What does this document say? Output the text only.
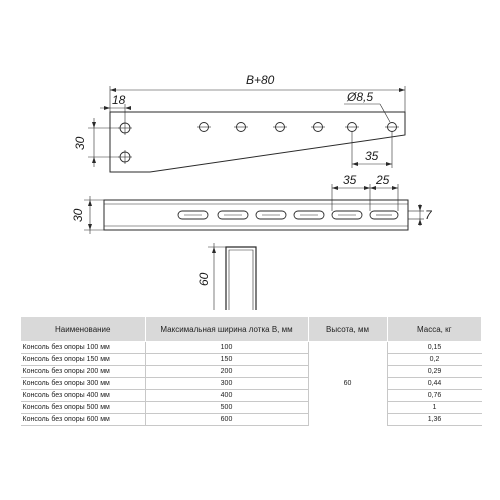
B+80
18
30
Ø8,5
35
35 25
30	7
60
Наименование	Максимальная ширина лотка В, мм	Высота, мм	Масса, кг
Консоль без опоры 100 мм	100	60	0,15
Консоль без опоры 150 мм	150		0,2
Консоль без опоры 200 мм	200		0,29
Консоль без опоры 300 мм	300		0,44
Консоль без опоры 400 мм	400		0,76
Консоль без опоры 500 мм	500		1
Консоль без опоры 600 мм	600		1,36
